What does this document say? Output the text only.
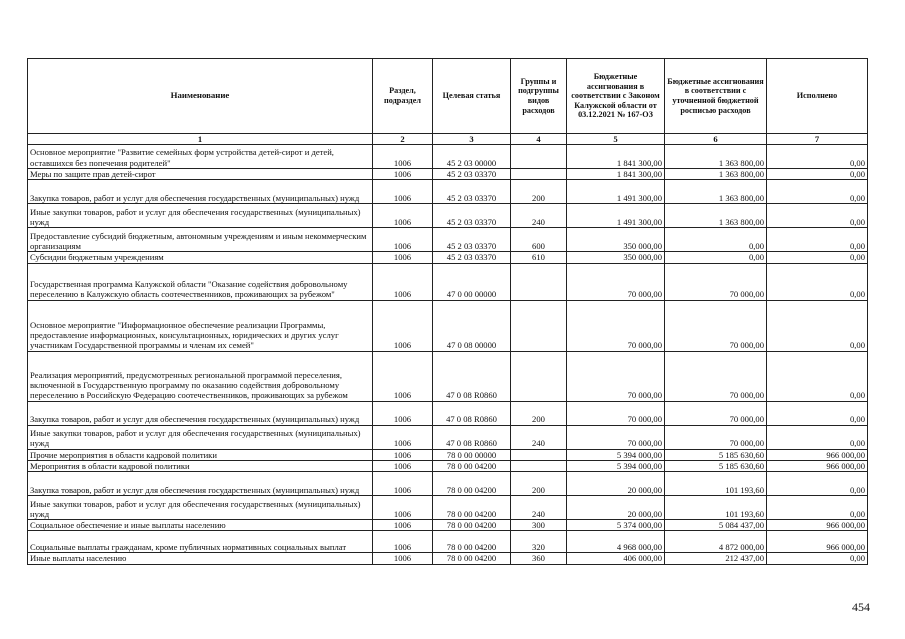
Наименование	Раздел, подраздел	Целевая статья	Группы и подгруппы видов расходов	Бюджетные ассигнования в соответствии с Законом Калужской области от 03.12.2021 № 167-ОЗ	Бюджетные ассигнования в соответствии с уточненной бюджетной росписью расходов	Исполнено
1	2	3	4	5	6	7
Основное мероприятие "Развитие семейных форм устройства детей-сирот и детей, оставшихся без попечения родителей"	1006	45 2 03 00000		1 841 300,00	1 363 800,00	0,00
Меры по защите прав детей-сирот	1006	45 2 03 03370		1 841 300,00	1 363 800,00	0,00
Закупка товаров, работ и услуг для обеспечения государственных (муниципальных) нужд	1006	45 2 03 03370	200	1 491 300,00	1 363 800,00	0,00
Иные закупки товаров, работ и услуг для обеспечения государственных (муниципальных) нужд	1006	45 2 03 03370	240	1 491 300,00	1 363 800,00	0,00
Предоставление субсидий бюджетным, автономным учреждениям и иным некоммерческим организациям	1006	45 2 03 03370	600	350 000,00	0,00	0,00
Субсидии бюджетным учреждениям	1006	45 2 03 03370	610	350 000,00	0,00	0,00
Государственная программа Калужской области "Оказание содействия добровольному переселению в Калужскую область соотечественников, проживающих за рубежом"	1006	47 0 00 00000		70 000,00	70 000,00	0,00
Основное мероприятие "Информационное обеспечение реализации Программы, предоставление информационных, консультационных, юридических и других услуг участникам Государственной программы и членам их семей"	1006	47 0 08 00000		70 000,00	70 000,00	0,00
Реализация мероприятий, предусмотренных региональной программой переселения, включенной в Государственную программу по оказанию содействия добровольному переселению в Российскую Федерацию соотечественников, проживающих за рубежом	1006	47 0 08 R0860		70 000,00	70 000,00	0,00
Закупка товаров, работ и услуг для обеспечения государственных (муниципальных) нужд	1006	47 0 08 R0860	200	70 000,00	70 000,00	0,00
Иные закупки товаров, работ и услуг для обеспечения государственных (муниципальных) нужд	1006	47 0 08 R0860	240	70 000,00	70 000,00	0,00
Прочие мероприятия в области кадровой политики	1006	78 0 00 00000		5 394 000,00	5 185 630,60	966 000,00
Мероприятия в области кадровой политики	1006	78 0 00 04200		5 394 000,00	5 185 630,60	966 000,00
Закупка товаров, работ и услуг для обеспечения государственных (муниципальных) нужд	1006	78 0 00 04200	200	20 000,00	101 193,60	0,00
Иные закупки товаров, работ и услуг для обеспечения государственных (муниципальных) нужд	1006	78 0 00 04200	240	20 000,00	101 193,60	0,00
Социальное обеспечение и иные выплаты населению	1006	78 0 00 04200	300	5 374 000,00	5 084 437,00	966 000,00
Социальные выплаты гражданам, кроме публичных нормативных социальных выплат	1006	78 0 00 04200	320	4 968 000,00	4 872 000,00	966 000,00
Иные выплаты населению	1006	78 0 00 04200	360	406 000,00	212 437,00	0,00
454
